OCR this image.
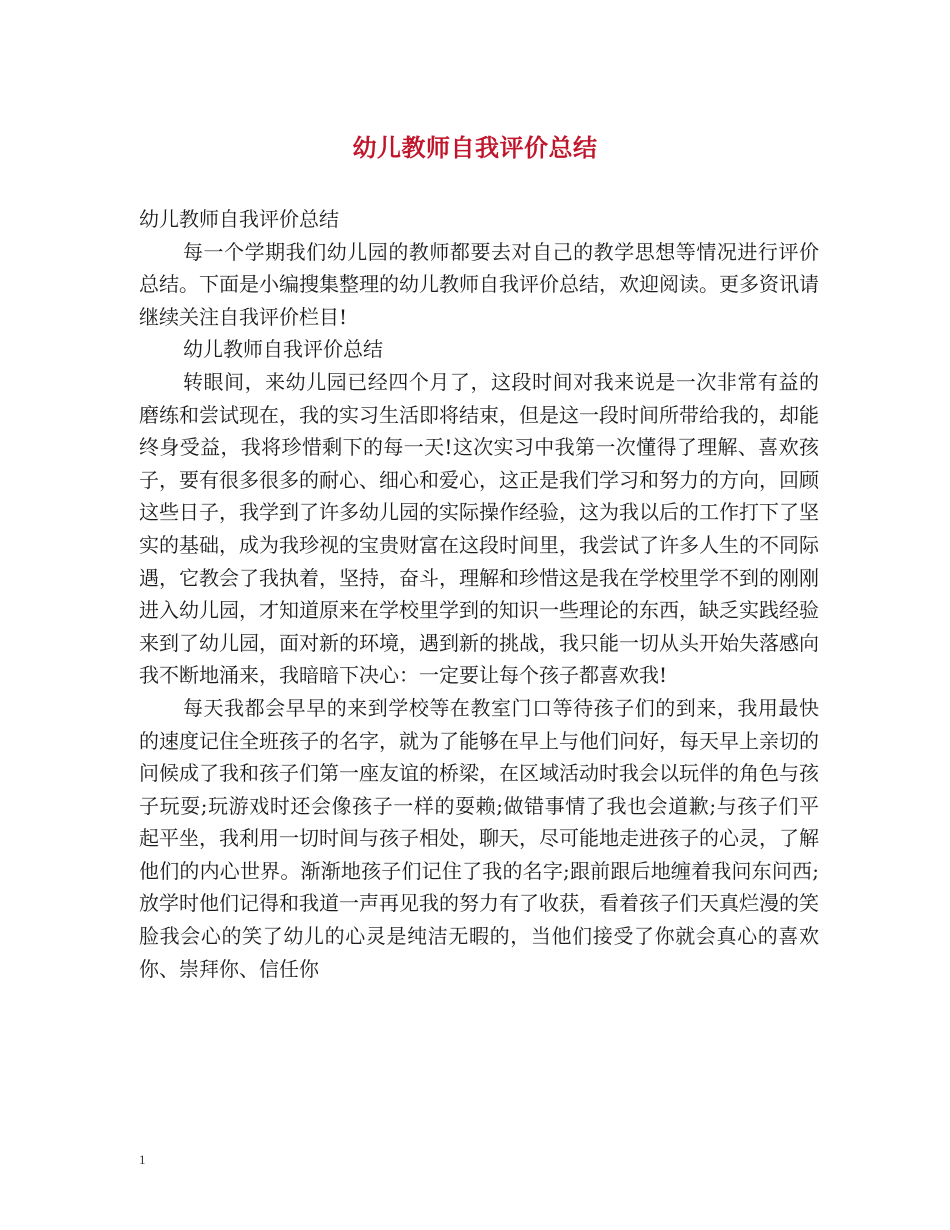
幼儿教师自我评价总结

幼儿教师自我评价总结

每一个学期我们幼儿园的教师都要去对自己的教学思想等情况进行评价总结。下面是小编搜集整理的幼儿教师自我评价总结，欢迎阅读。更多资讯请继续关注自我评价栏目!

幼儿教师自我评价总结

转眼间，来幼儿园已经四个月了，这段时间对我来说是一次非常有益的磨练和尝试现在，我的实习生活即将结束，但是这一段时间所带给我的，却能终身受益，我将珍惜剩下的每一天!这次实习中我第一次懂得了理解、喜欢孩子，要有很多很多的耐心、细心和爱心，这正是我们学习和努力的方向，回顾这些日子，我学到了许多幼儿园的实际操作经验，这为我以后的工作打下了坚实的基础，成为我珍视的宝贵财富在这段时间里，我尝试了许多人生的不同际遇，它教会了我执着，坚持，奋斗，理解和珍惜这是我在学校里学不到的刚刚进入幼儿园，才知道原来在学校里学到的知识一些理论的东西，缺乏实践经验来到了幼儿园，面对新的环境，遇到新的挑战，我只能一切从头开始失落感向我不断地涌来，我暗暗下决心：一定要让每个孩子都喜欢我!

每天我都会早早的来到学校等在教室门口等待孩子们的到来，我用最快的速度记住全班孩子的名字，就为了能够在早上与他们问好，每天早上亲切的问候成了我和孩子们第一座友谊的桥梁，在区域活动时我会以玩伴的角色与孩子玩耍;玩游戏时还会像孩子一样的耍赖;做错事情了我也会道歉;与孩子们平起平坐，我利用一切时间与孩子相处，聊天，尽可能地走进孩子的心灵，了解他们的内心世界。渐渐地孩子们记住了我的名字;跟前跟后地缠着我问东问西;放学时他们记得和我道一声再见我的努力有了收获，看着孩子们天真烂漫的笑脸我会心的笑了幼儿的心灵是纯洁无暇的，当他们接受了你就会真心的喜欢你、崇拜你、信任你

1
